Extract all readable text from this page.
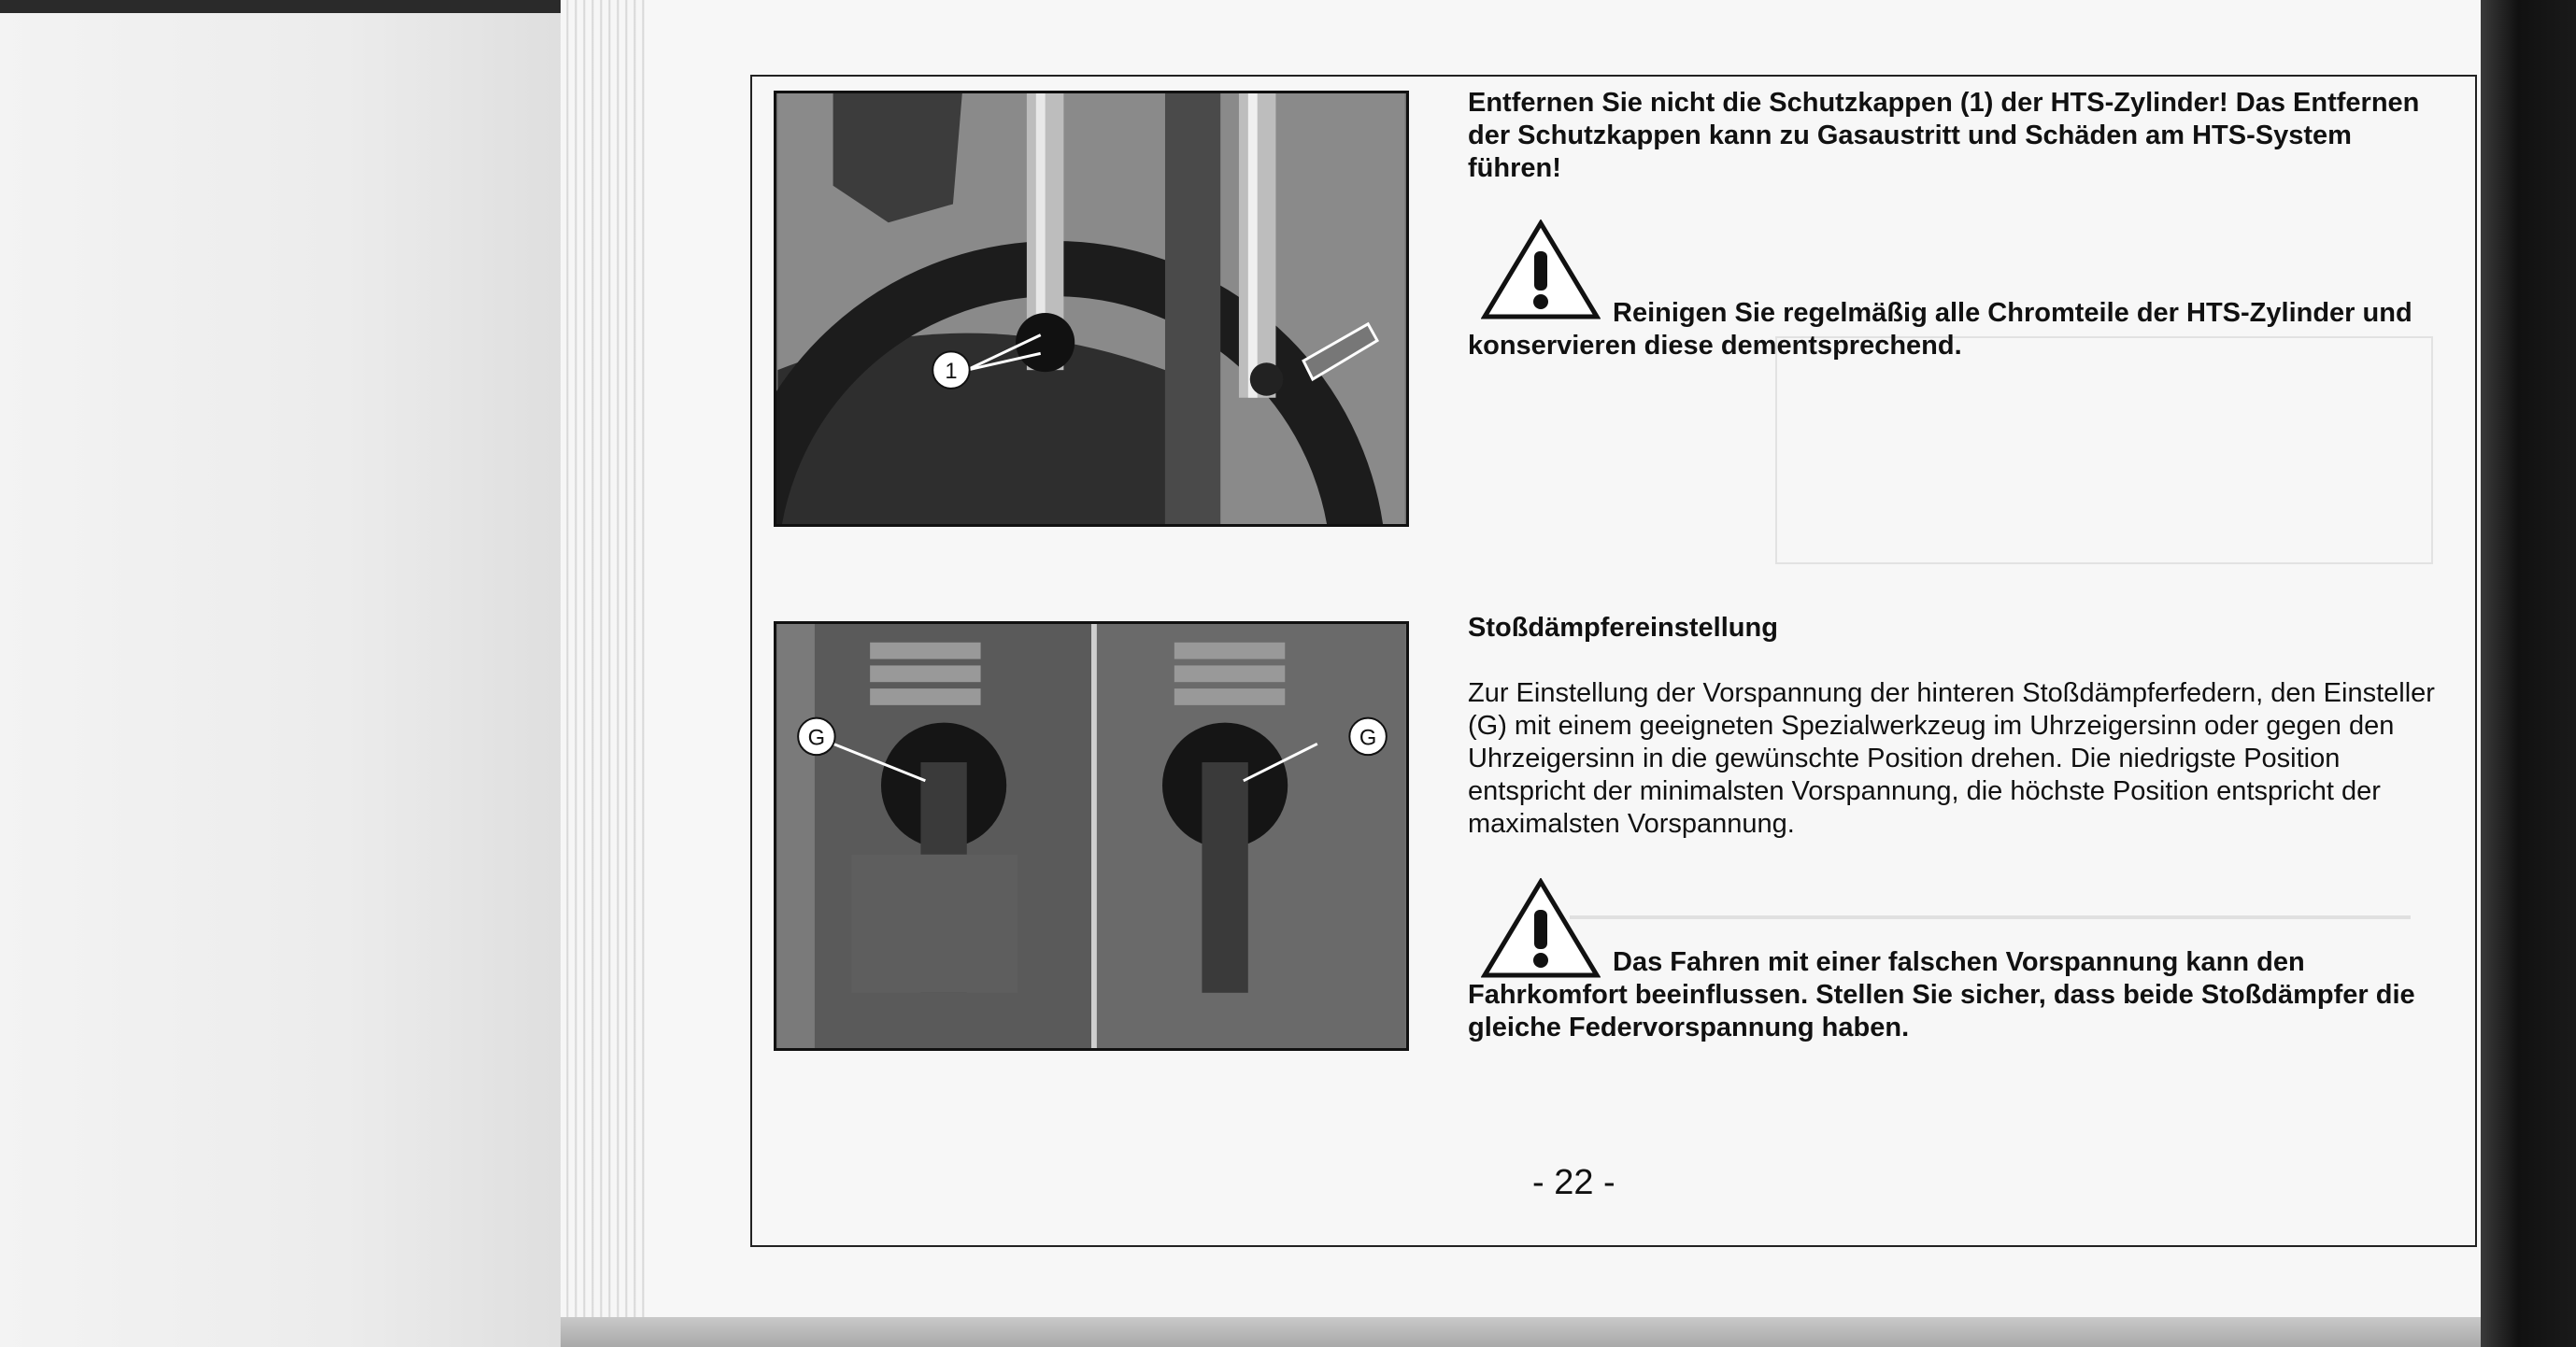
1
G	G
Entfernen Sie nicht die Schutzkappen (1) der HTS-Zylinder! Das Entfernen der Schutzkappen kann zu Gasaustritt und Schäden am HTS-System führen!
Reinigen Sie regelmäßig alle Chromteile der HTS-Zylinder und konservieren diese dementsprechend.
Stoßdämpfereinstellung
Zur Einstellung der Vorspannung der hinteren Stoßdämpferfedern, den Einsteller (G) mit einem geeigneten Spezialwerkzeug im Uhrzeigersinn oder gegen den Uhrzeigersinn in die gewünschte Position drehen. Die niedrigste Position entspricht der minimalsten Vorspannung, die höchste Position entspricht der maximalsten Vorspannung.
Das Fahren mit einer falschen Vorspannung kann den Fahrkomfort beeinflussen. Stellen Sie sicher, dass beide Stoßdämpfer die gleiche Federvorspannung haben.
- 22 -
